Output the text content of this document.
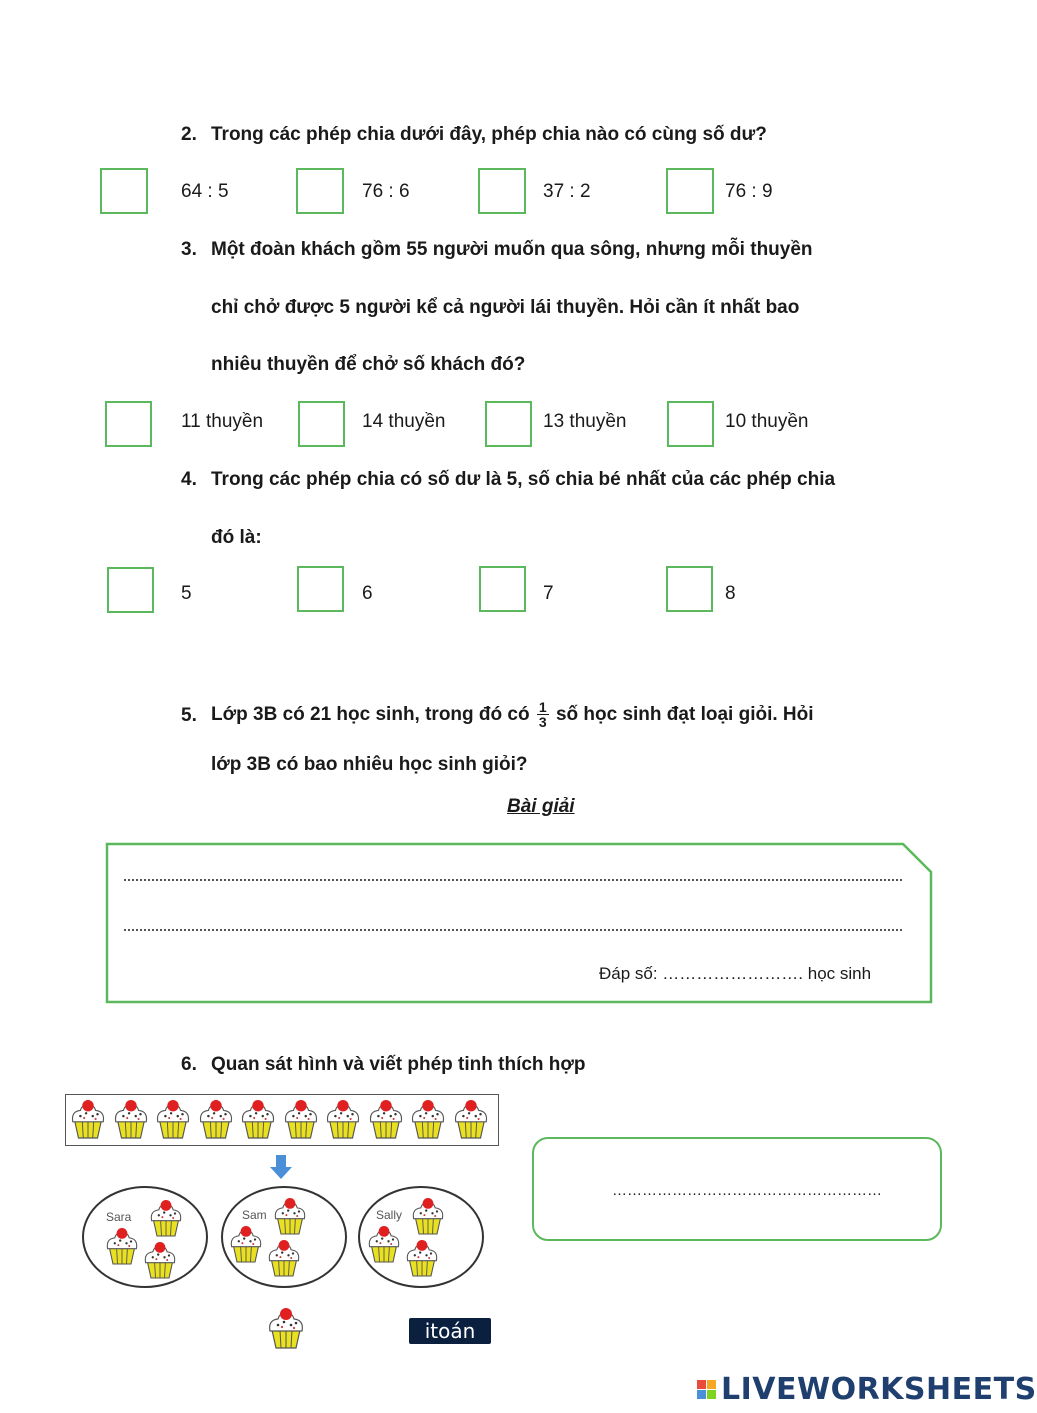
2. Trong các phép chia dưới đây, phép chia nào có cùng số dư?
64 : 5	76 : 6	37 : 2	76 : 9
3. Một đoàn khách gồm 55 người muốn qua sông, nhưng mỗi thuyền
chỉ chở được 5 người kể cả người lái thuyền. Hỏi cần ít nhất bao
nhiêu thuyền để chở số khách đó?
11 thuyền	14 thuyền	13 thuyền	10 thuyền
4. Trong các phép chia có số dư là 5, số chia bé nhất của các phép chia
đó là:
5	6	7	8
5. Lớp 3B có 21 học sinh, trong đó có $\frac{1}{3}$ số học sinh đạt loại giỏi. Hỏi
lớp 3B có bao nhiêu học sinh giỏi?
Bài giải
Đáp số: ……………………. học sinh
6. Quan sát hình và viết phép tinh thích hợp
Sara	Sam	Sally
itoán
………………………………………………
LIVEWORKSHEETS
